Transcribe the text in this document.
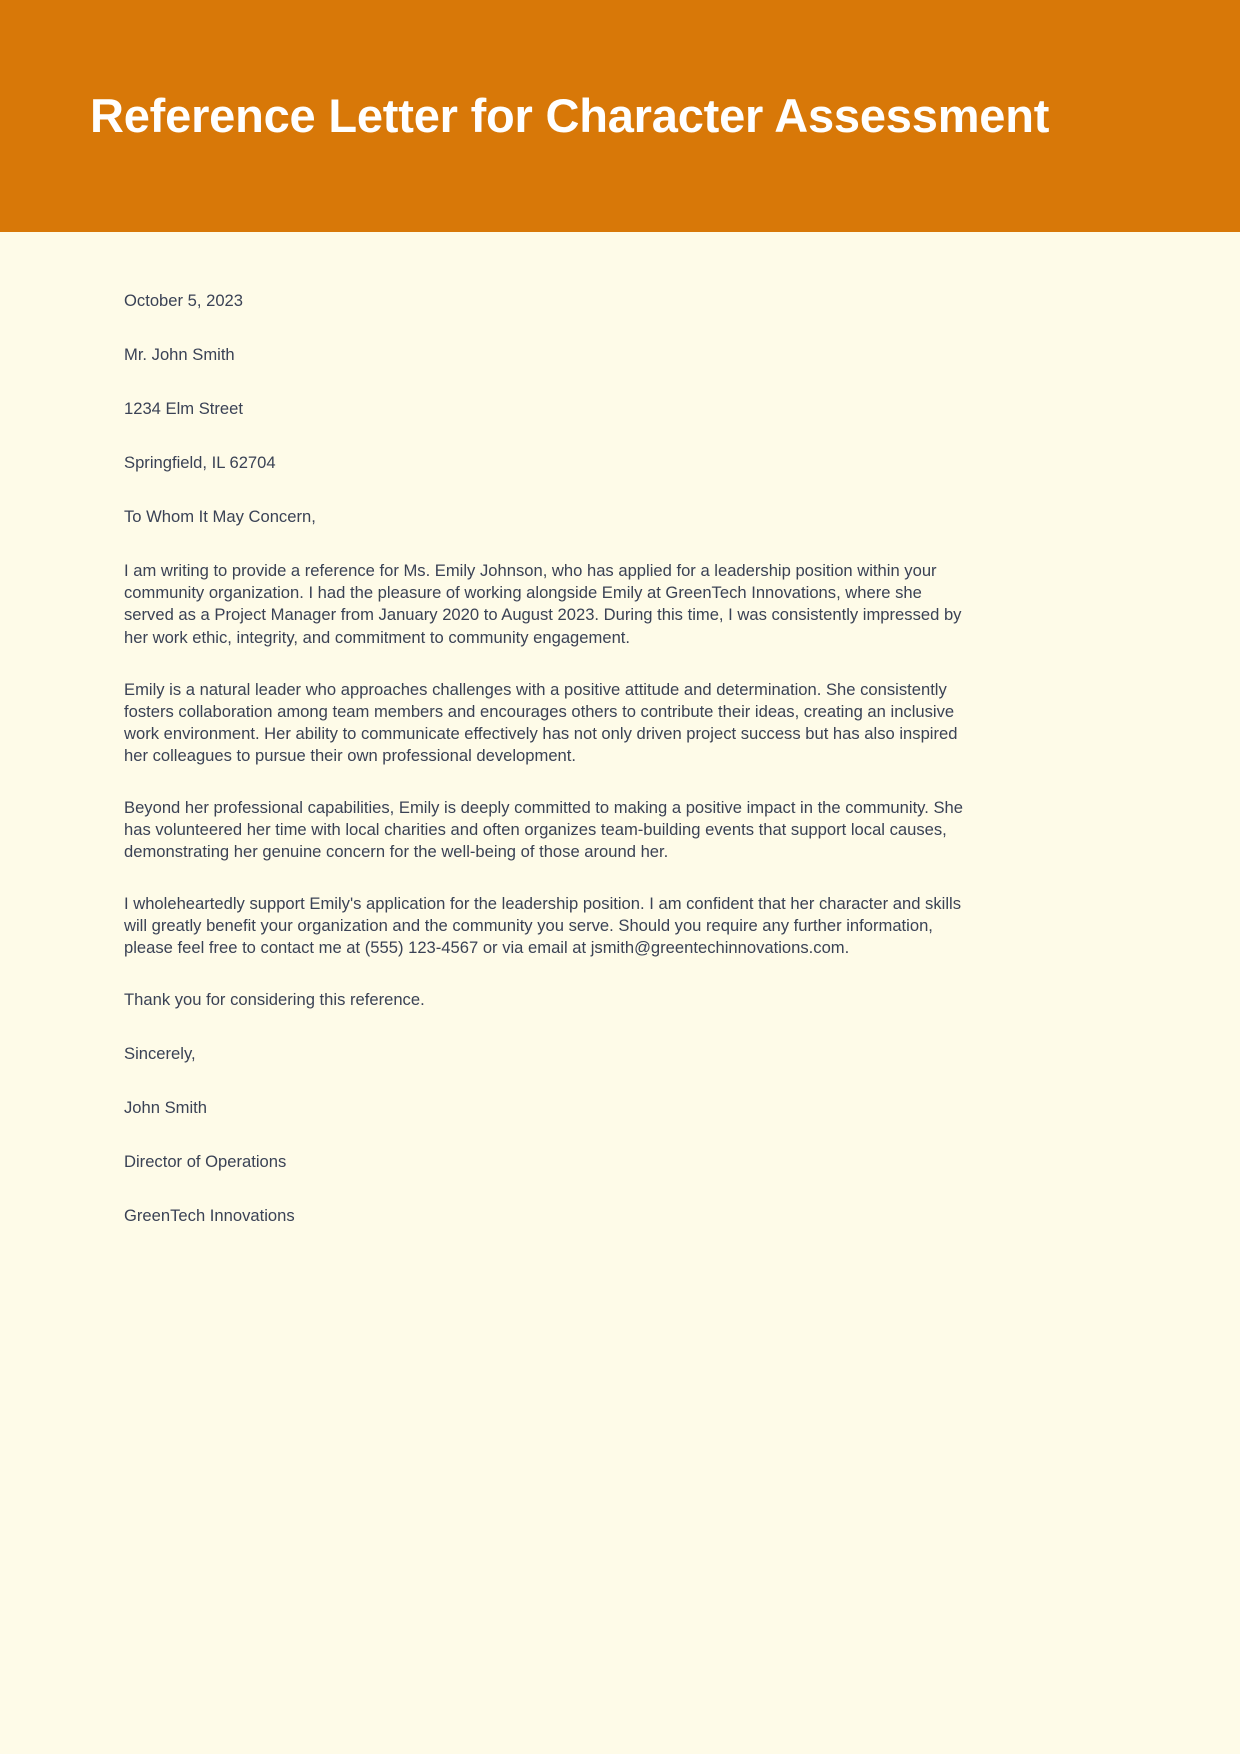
Reference Letter for Character Assessment

October 5, 2023

Mr. John Smith

1234 Elm Street

Springfield, IL 62704

To Whom It May Concern,

I am writing to provide a reference for Ms. Emily Johnson, who has applied for a leadership position within your community organization. I had the pleasure of working alongside Emily at GreenTech Innovations, where she served as a Project Manager from January 2020 to August 2023. During this time, I was consistently impressed by her work ethic, integrity, and commitment to community engagement.

Emily is a natural leader who approaches challenges with a positive attitude and determination. She consistently fosters collaboration among team members and encourages others to contribute their ideas, creating an inclusive work environment. Her ability to communicate effectively has not only driven project success but has also inspired her colleagues to pursue their own professional development.

Beyond her professional capabilities, Emily is deeply committed to making a positive impact in the community. She has volunteered her time with local charities and often organizes team-building events that support local causes, demonstrating her genuine concern for the well-being of those around her.

I wholeheartedly support Emily's application for the leadership position. I am confident that her character and skills will greatly benefit your organization and the community you serve. Should you require any further information, please feel free to contact me at (555) 123-4567 or via email at jsmith@greentechinnovations.com.

Thank you for considering this reference.

Sincerely,

John Smith

Director of Operations

GreenTech Innovations
